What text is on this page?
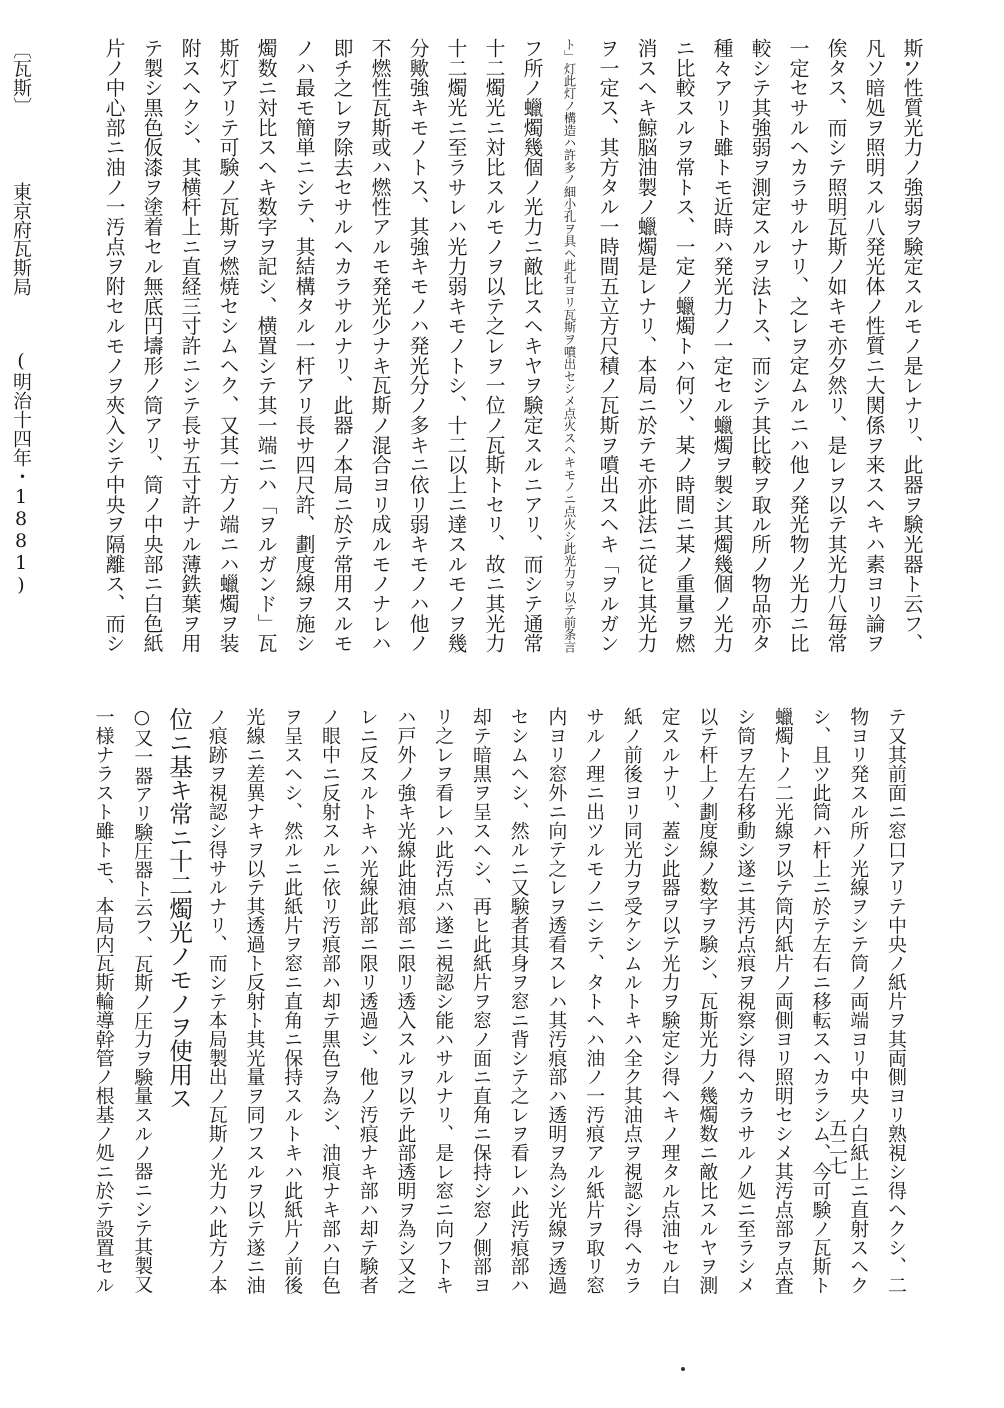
〔瓦斯〕 東京府瓦斯局 (明治十四年・1881)	斯ノ性質光力ノ強弱ヲ験定スルモノ是レナリ、此器ヲ験光器ト云フ、
凡ソ暗処ヲ照明スル八発光体ノ性質ニ大関係ヲ来スヘキハ素ヨリ論ヲ
俟タス、而シテ照明瓦斯ノ如キモ亦夕然リ、是レヲ以テ其光力八毎常
一定セサルヘカラサルナリ、之レヲ定ムルニハ他ノ発光物ノ光力ニ比
較シテ其強弱ヲ測定スルヲ法トス、而シテ其比較ヲ取ル所ノ物品亦タ
種々アリト雖トモ近時ハ発光力ノ一定セル蠟燭ヲ製シ其燭幾個ノ光力
ニ比較スルヲ常トス、一定ノ蠟燭トハ何ソ、某ノ時間ニ某ノ重量ヲ燃
消スヘキ鯨脳油製ノ蠟燭是レナリ、本局ニ於テモ亦此法ニ従ヒ其光力
ヲ一定ス、其方タル一時間五立方尺積ノ瓦斯ヲ噴出スヘキ「ヲルガン
ト」灯此灯ノ構造ハ許多ノ細小孔ヲ具ヘ此孔ヨリ瓦斯ヲ噴出セシメ点火スヘキモノニ点火シ此光力ヲ以テ前条言
フ所ノ蠟燭幾個ノ光力ニ敵比スヘキヤヲ験定スルニアリ、而シテ通常
十二燭光ニ対比スルモノヲ以テ之レヲ一位ノ瓦斯トセリ、故ニ其光力
十二燭光ニ至ラサレハ光力弱キモノトシ、十二以上ニ達スルモノヲ幾
分歟強キモノトス、其強キモノハ発光分ノ多キニ依リ弱キモノハ他ノ
不燃性瓦斯或ハ燃性アルモ発光少ナキ瓦斯ノ混合ヨリ成ルモノナレハ
即チ之レヲ除去セサルヘカラサルナリ、此器ノ本局ニ於テ常用スルモ
ノハ最モ簡単ニシテ、其結構タル一杆アリ長サ四尺許、劃度線ヲ施シ
燭数ニ対比スヘキ数字ヲ記シ、横置シテ其一端ニハ「ヲルガンド」瓦
斯灯アリテ可験ノ瓦斯ヲ燃焼セシムヘク、又其一方ノ端ニハ蠟燭ヲ装
附スヘクシ、其横杆上ニ直経三寸許ニシテ長サ五寸許ナル薄鉄葉ヲ用
テ製シ黒色仮漆ヲ塗着セル無底円壔形ノ筒アリ、筒ノ中央部ニ白色紙
片ノ中心部ニ油ノ一汚点ヲ附セルモノヲ夾入シテ中央ヲ隔離ス、而シ
テ又其前面ニ窓口アリテ中央ノ紙片ヲ其両側ヨリ熟視シ得ヘクシ、二
物ヨリ発スル所ノ光線ヲシテ筒ノ両端ヨリ中央ノ白紙上ニ直射スヘク
シ、且ツ此筒ハ杆上ニ於テ左右ニ移転スヘカラシム、今可験ノ瓦斯ト
蠟燭トノ二光線ヲ以テ筒内紙片ノ両側ヨリ照明セシメ其汚点部ヲ点査
シ筒ヲ左右移動シ遂ニ其汚点痕ヲ視察シ得ヘカラサルノ処ニ至ラシメ
以テ杆上ノ劃度線ノ数字ヲ験シ、瓦斯光力ノ幾燭数ニ敵比スルヤヲ測
定スルナリ、蓋シ此器ヲ以テ光力ヲ験定シ得ヘキノ理タル点油セル白
紙ノ前後ヨリ同光力ヲ受ケシムルトキハ全ク其油点ヲ視認シ得ヘカラ
サルノ理ニ出ツルモノニシテ、タトヘハ油ノ一汚痕アル紙片ヲ取リ窓
内ヨリ窓外ニ向テ之レヲ透看スレハ其汚痕部ハ透明ヲ為シ光線ヲ透過
セシムヘシ、然ルニ又験者其身ヲ窓ニ背シテ之レヲ看レハ此汚痕部ハ
却テ暗黒ヲ呈スヘシ、再ヒ此紙片ヲ窓ノ面ニ直角ニ保持シ窓ノ側部ヨ
リ之レヲ看レハ此汚点ハ遂ニ視認シ能ハサルナリ、是レ窓ニ向フトキ
ハ戸外ノ強キ光線此油痕部ニ限リ透入スルヲ以テ此部透明ヲ為シ又之
レニ反スルトキハ光線此部ニ限リ透過シ、他ノ汚痕ナキ部ハ却テ験者
ノ眼中ニ反射スルニ依リ汚痕部ハ却テ黒色ヲ為シ、油痕ナキ部ハ白色
ヲ呈スヘシ、然ルニ此紙片ヲ窓ニ直角ニ保持スルトキハ此紙片ノ前後
光線ニ差異ナキヲ以テ其透過ト反射ト其光量ヲ同フスルヲ以テ遂ニ油
ノ痕跡ヲ視認シ得サルナリ、而シテ本局製出ノ瓦斯ノ光力ハ此方ノ本
位ニ基キ常ニ十二燭光ノモノヲ使用ス
○又一器アリ験圧器ト云フ、瓦斯ノ圧力ヲ験量スルノ器ニシテ其製又
一様ナラスト雖トモ、本局内瓦斯輪導幹管ノ根基ノ処ニ於テ設置セル	五二七
